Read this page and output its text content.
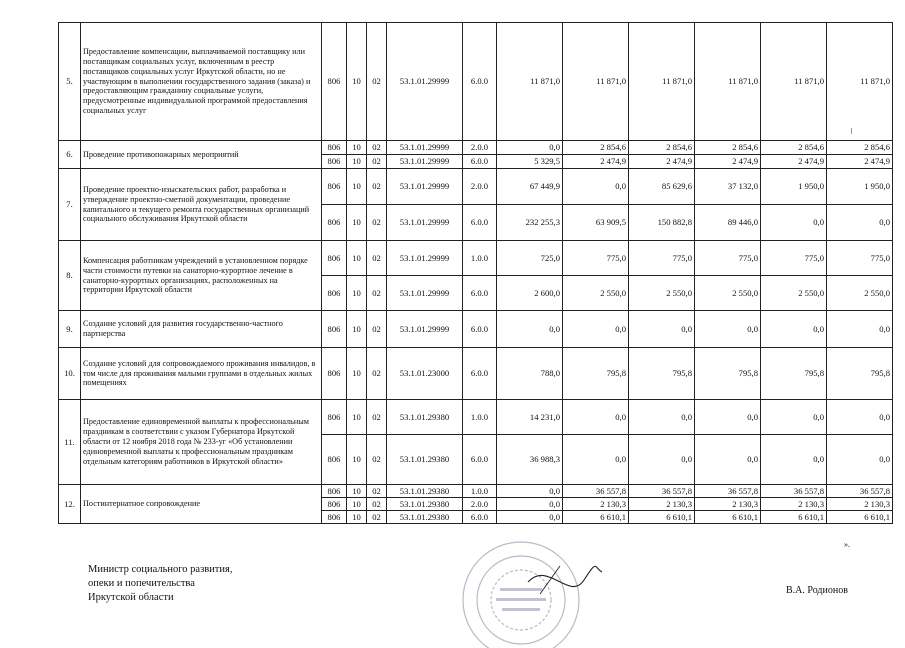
5.	Предоставление компенсации, выплачиваемой поставщику или поставщикам социальных услуг, включенным в реестр поставщиков социальных услуг Иркутской области, но не участвующим в выполнении государственного задания (заказа) и предоставляющим гражданину социальные услуги, предусмотренные индивидуальной программой предоставления социальных услуг	806	10	02	53.1.01.29999	6.0.0	11 871,0	11 871,0	11 871,0	11 871,0	11 871,0	11 871,0
6.	Проведение противопожарных мероприятий	806	10	02	53.1.01.29999	2.0.0	0,0	2 854,6	2 854,6	2 854,6	2 854,6	2 854,6
		806	10	02	53.1.01.29999	6.0.0	5 329,5	2 474,9	2 474,9	2 474,9	2 474,9	2 474,9
7.	Проведение проектно-изыскательских работ, разработка и утверждение проектно-сметной документации, проведение капитального и текущего ремонта государственных организаций социального обслуживания Иркутской области	806	10	02	53.1.01.29999	2.0.0	67 449,9	0,0	85 629,6	37 132,0	1 950,0	1 950,0
		806	10	02	53.1.01.29999	6.0.0	232 255,3	63 909,5	150 882,8	89 446,0	0,0	0,0
8.	Компенсация работникам учреждений в установленном порядке части стоимости путевки на санаторно-курортное лечение в санаторно-курортных организациях, расположенных на территории Иркутской области	806	10	02	53.1.01.29999	1.0.0	725,0	775,0	775,0	775,0	775,0	775,0
		806	10	02	53.1.01.29999	6.0.0	2 600,0	2 550,0	2 550,0	2 550,0	2 550,0	2 550,0
9.	Создание условий для развития государственно-частного партнерства	806	10	02	53.1.01.29999	6.0.0	0,0	0,0	0,0	0,0	0,0	0,0
10.	Создание условий для сопровождаемого проживания инвалидов, в том числе для проживания малыми группами в отдельных жилых помещениях	806	10	02	53.1.01.23000	6.0.0	788,0	795,8	795,8	795,8	795,8	795,8
11.	Предоставление единовременной выплаты к профессиональным праздникам в соответствии с указом Губернатора Иркутской области от 12 ноября 2018 года № 233-уг «Об установлении единовременной выплаты к профессиональным праздникам отдельным категориям работников в Иркутской области»	806	10	02	53.1.01.29380	1.0.0	14 231,0	0,0	0,0	0,0	0,0	0,0
		806	10	02	53.1.01.29380	6.0.0	36 988,3	0,0	0,0	0,0	0,0	0,0
12.	Постинтернатное сопровождение	806	10	02	53.1.01.29380	1.0.0	0,0	36 557,8	36 557,8	36 557,8	36 557,8	36 557,8
		806	10	02	53.1.01.29380	2.0.0	0,0	2 130,3	2 130,3	2 130,3	2 130,3	2 130,3
		806	10	02	53.1.01.29380	6.0.0	0,0	6 610,1	6 610,1	6 610,1	6 610,1	6 610,1
».
Министр социального развития,
опеки и попечительства
Иркутской области
В.А. Родионов
